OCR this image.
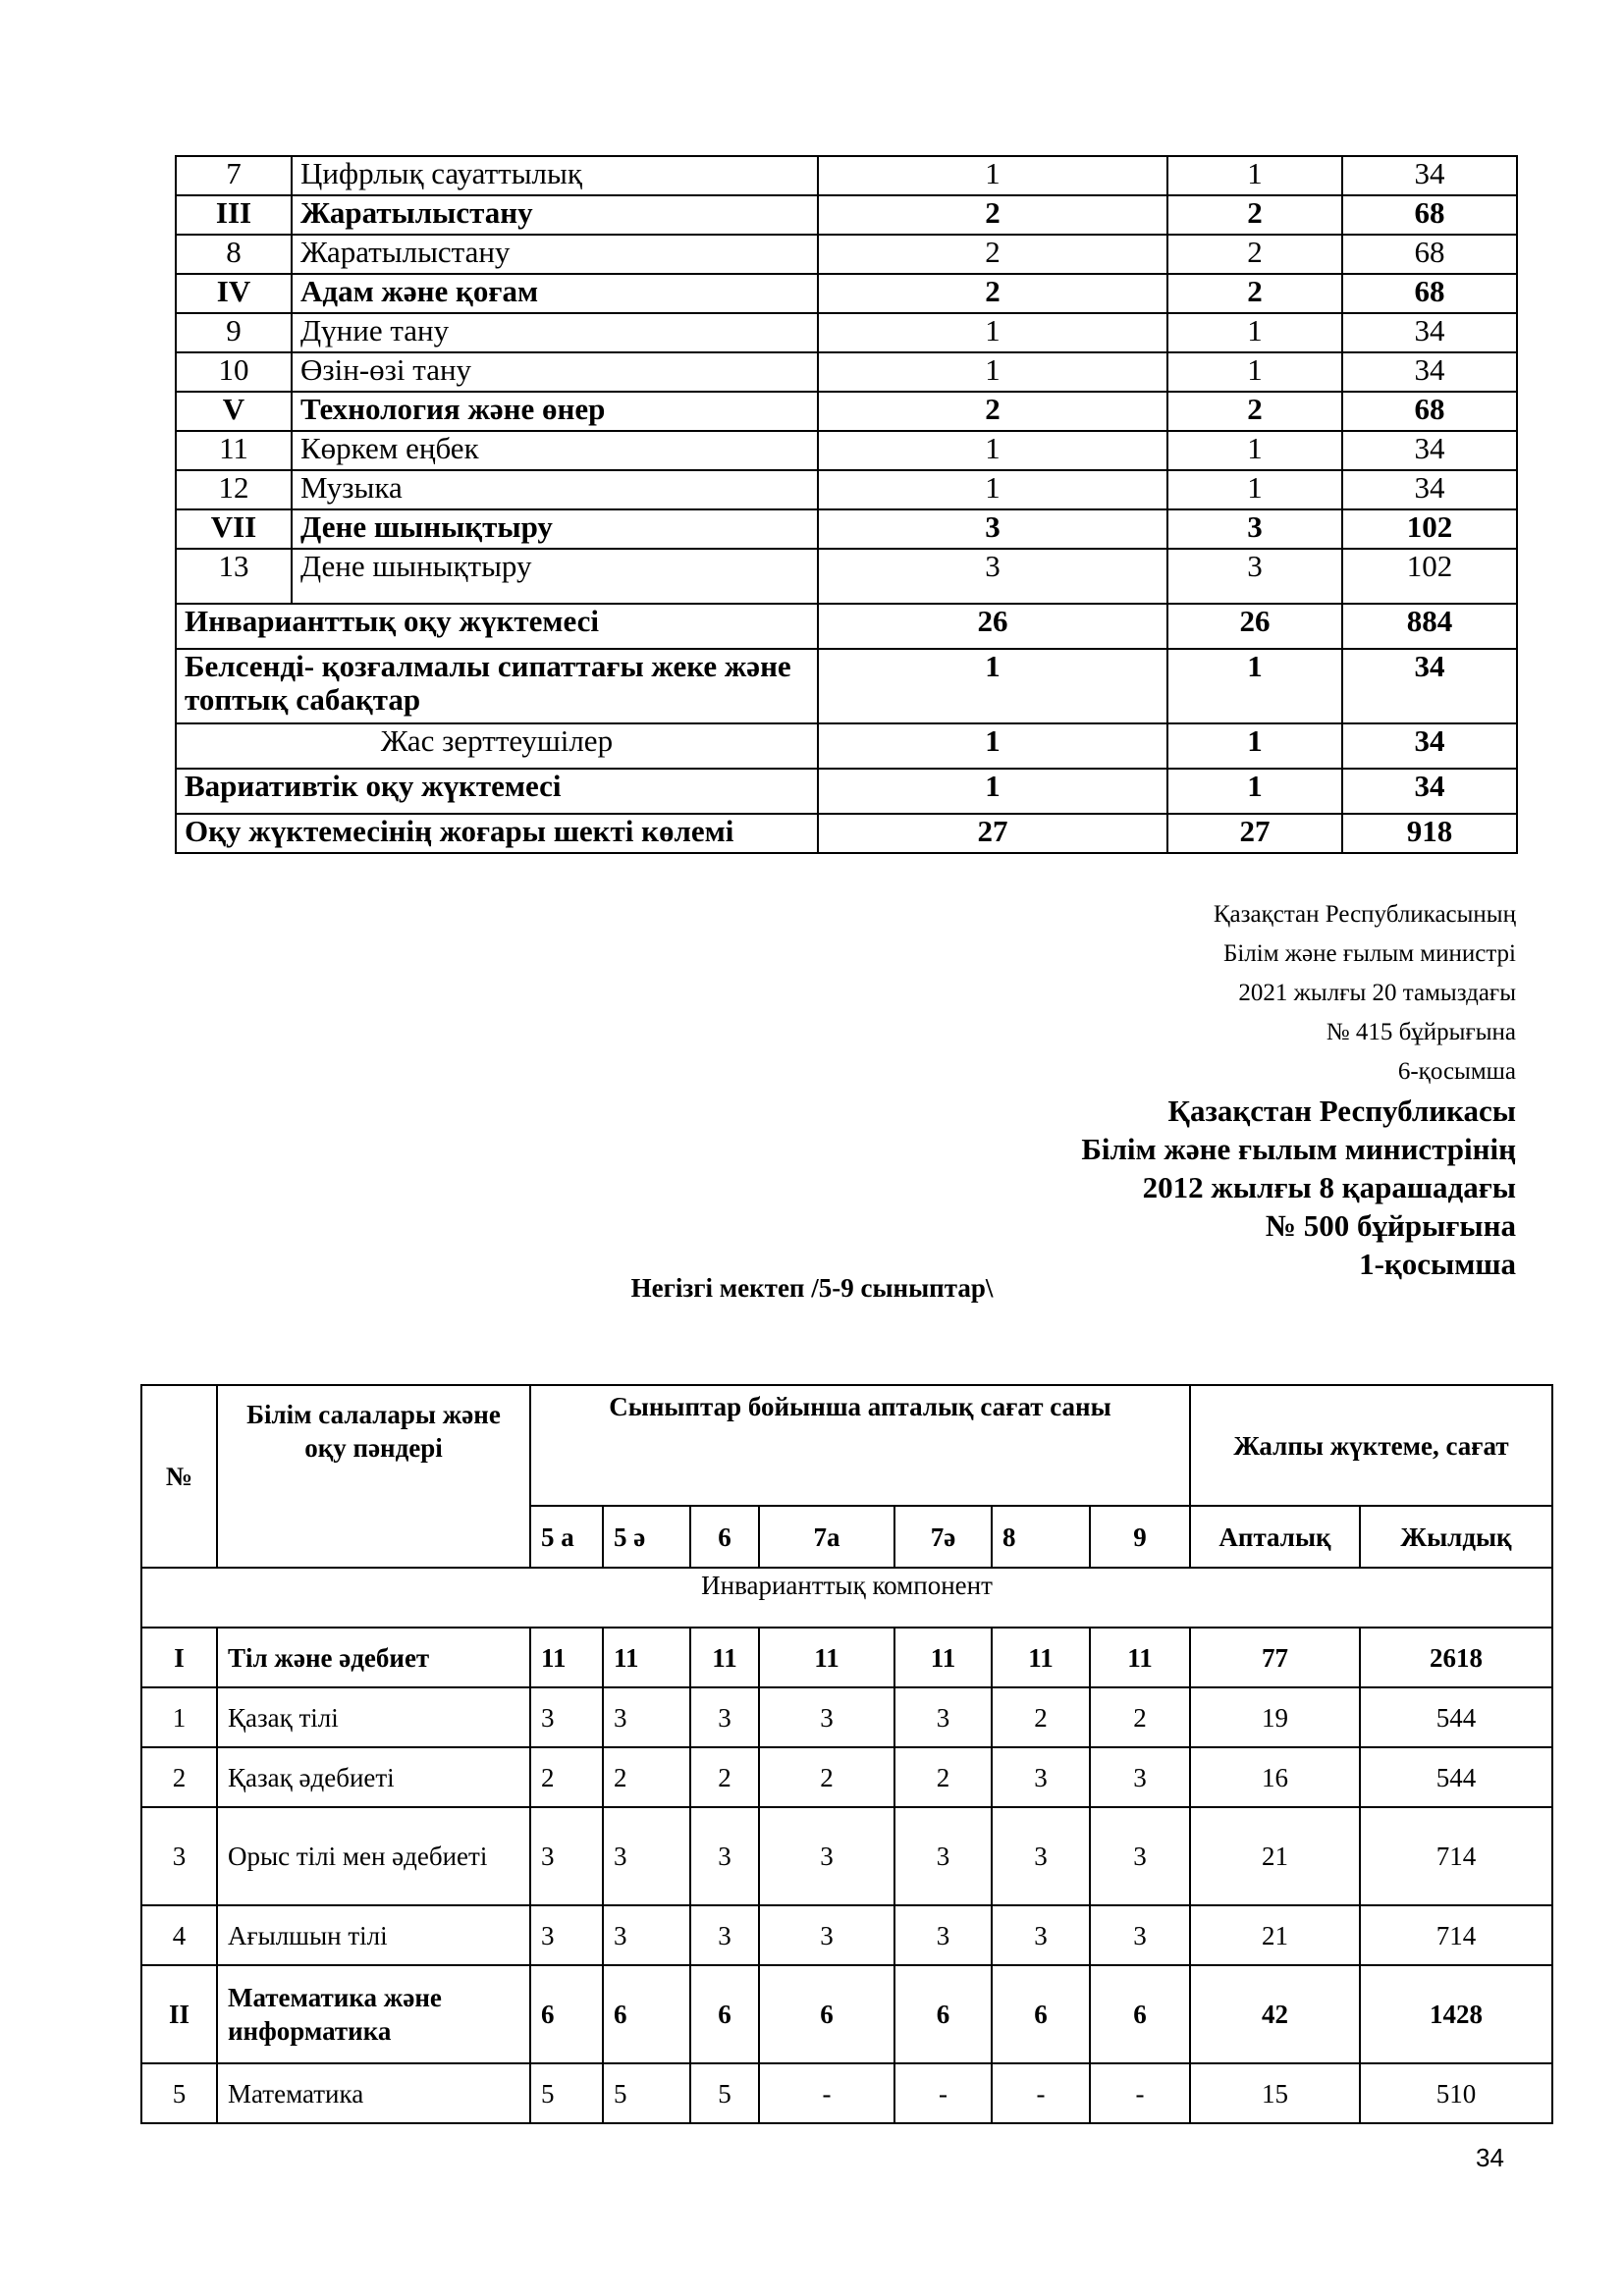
7	Цифрлық сауаттылық	1	1	34
III	Жаратылыстану	2	2	68
8	Жаратылыстану	2	2	68
IV	Адам және қоғам	2	2	68
9	Дүние тану	1	1	34
10	Өзін-өзі тану	1	1	34
V	Технология және өнер	2	2	68
11	Көркем еңбек	1	1	34
12	Музыка	1	1	34
VII	Дене шынықтыру	3	3	102
13	Дене шынықтыру	3	3	102
Инварианттық оқу жүктемесі		26	26	884
Белсенді- қозғалмалы сипаттағы жеке және топтық сабақтар		1	1	34
Жас зерттеушілер		1	1	34
Вариативтік оқу жүктемесі		1	1	34
Оқу жүктемесінің жоғары шекті көлемі		27	27	918
Қазақстан Республикасының
Білім және ғылым министрі
2021 жылғы 20 тамыздағы
№ 415 бұйрығына
6-қосымша
Қазақстан Республикасы
Білім және ғылым министрінің
2012 жылғы 8 қарашадағы
№ 500 бұйрығына
1-қосымша
Негізгі мектеп /5-9 сыныптар\
№	Білім салалары және оқу пәндері	Сыныптар бойынша апталық сағат саны							Жалпы жүктеме, сағат	
		5 а	5 ә	6	7а	7ә	8	9	Апталық	Жылдық
Инварианттық компонент										
I	Тіл және әдебиет	11	11	11	11	11	11	11	77	2618
1	Қазақ тілі	3	3	3	3	3	2	2	19	544
2	Қазақ әдебиеті	2	2	2	2	2	3	3	16	544
3	Орыс тілі мен әдебиеті	3	3	3	3	3	3	3	21	714
4	Ағылшын тілі	3	3	3	3	3	3	3	21	714
II	Математика және информатика	6	6	6	6	6	6	6	42	1428
5	Математика	5	5	5	-	-	-	-	15	510
34
